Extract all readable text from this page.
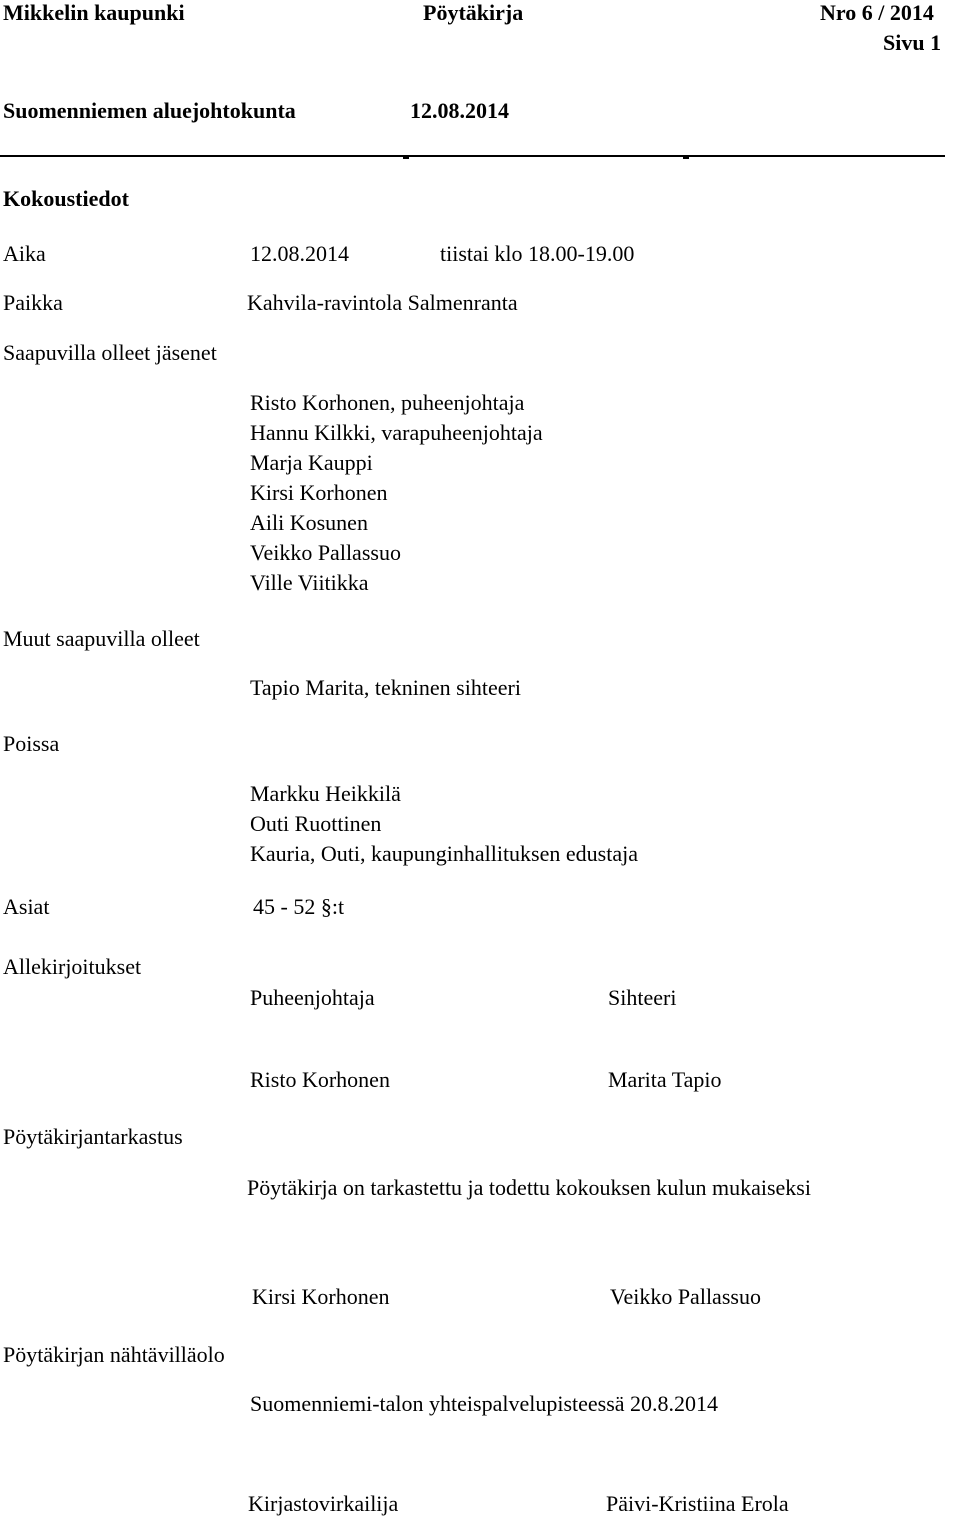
Mikkelin kaupunki	Pöytäkirja	Nro 6 / 2014
Sivu 1
Suomenniemen aluejohtokunta	12.08.2014
Kokoustiedot
Aika	12.08.2014	tiistai klo 18.00-19.00
Paikka	Kahvila-ravintola Salmenranta
Saapuvilla olleet jäsenet
Risto Korhonen, puheenjohtaja
Hannu Kilkki, varapuheenjohtaja
Marja Kauppi
Kirsi Korhonen
Aili Kosunen
Veikko Pallassuo
Ville Viitikka
Muut saapuvilla olleet
Tapio Marita, tekninen sihteeri
Poissa
Markku Heikkilä
Outi Ruottinen
Kauria, Outi, kaupunginhallituksen edustaja
Asiat	45 - 52 §:t
Allekirjoitukset
Puheenjohtaja	Sihteeri
Risto Korhonen	Marita Tapio
Pöytäkirjantarkastus
Pöytäkirja on tarkastettu ja todettu kokouksen kulun mukaiseksi
Kirsi Korhonen	Veikko Pallassuo
Pöytäkirjan nähtävilläolo
Suomenniemi-talon yhteispalvelupisteessä 20.8.2014
Kirjastovirkailija	Päivi-Kristiina Erola
